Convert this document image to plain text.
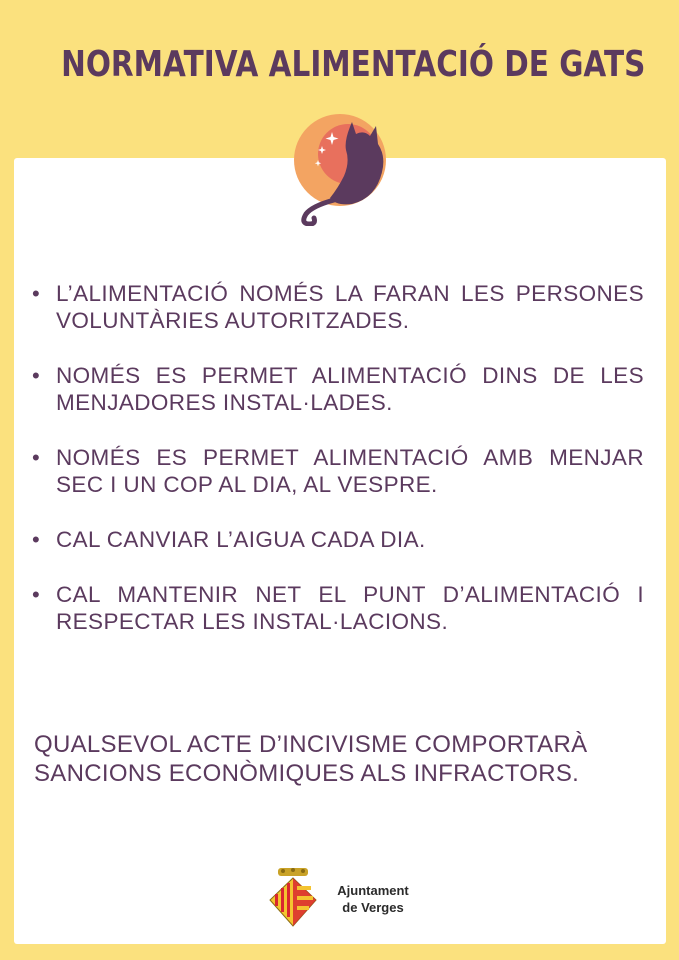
NORMATIVA ALIMENTACIÓ DE GATS
• L’ALIMENTACIÓ NOMÉS LA FARAN LES PERSONES VOLUNTÀRIES AUTORITZADES.
• NOMÉS ES PERMET ALIMENTACIÓ DINS DE LES MENJADORES INSTAL·LADES.
• NOMÉS ES PERMET ALIMENTACIÓ AMB MENJAR SEC I UN COP AL DIA, AL VESPRE.
• CAL CANVIAR L’AIGUA CADA DIA.
• CAL MANTENIR NET EL PUNT D’ALIMENTACIÓ I RESPECTAR LES INSTAL·LACIONS.
QUALSEVOL ACTE D’INCIVISME COMPORTARÀ SANCIONS ECONÒMIQUES ALS INFRACTORS.
Ajuntament
de Verges
